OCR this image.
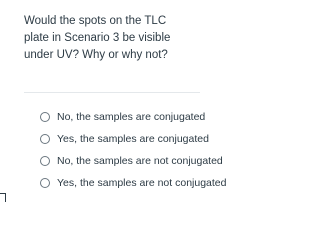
Would the spots on the TLC plate in Scenario 3 be visible under UV? Why or why not?
No, the samples are conjugated
Yes, the samples are conjugated
No, the samples are not conjugated
Yes, the samples are not conjugated
